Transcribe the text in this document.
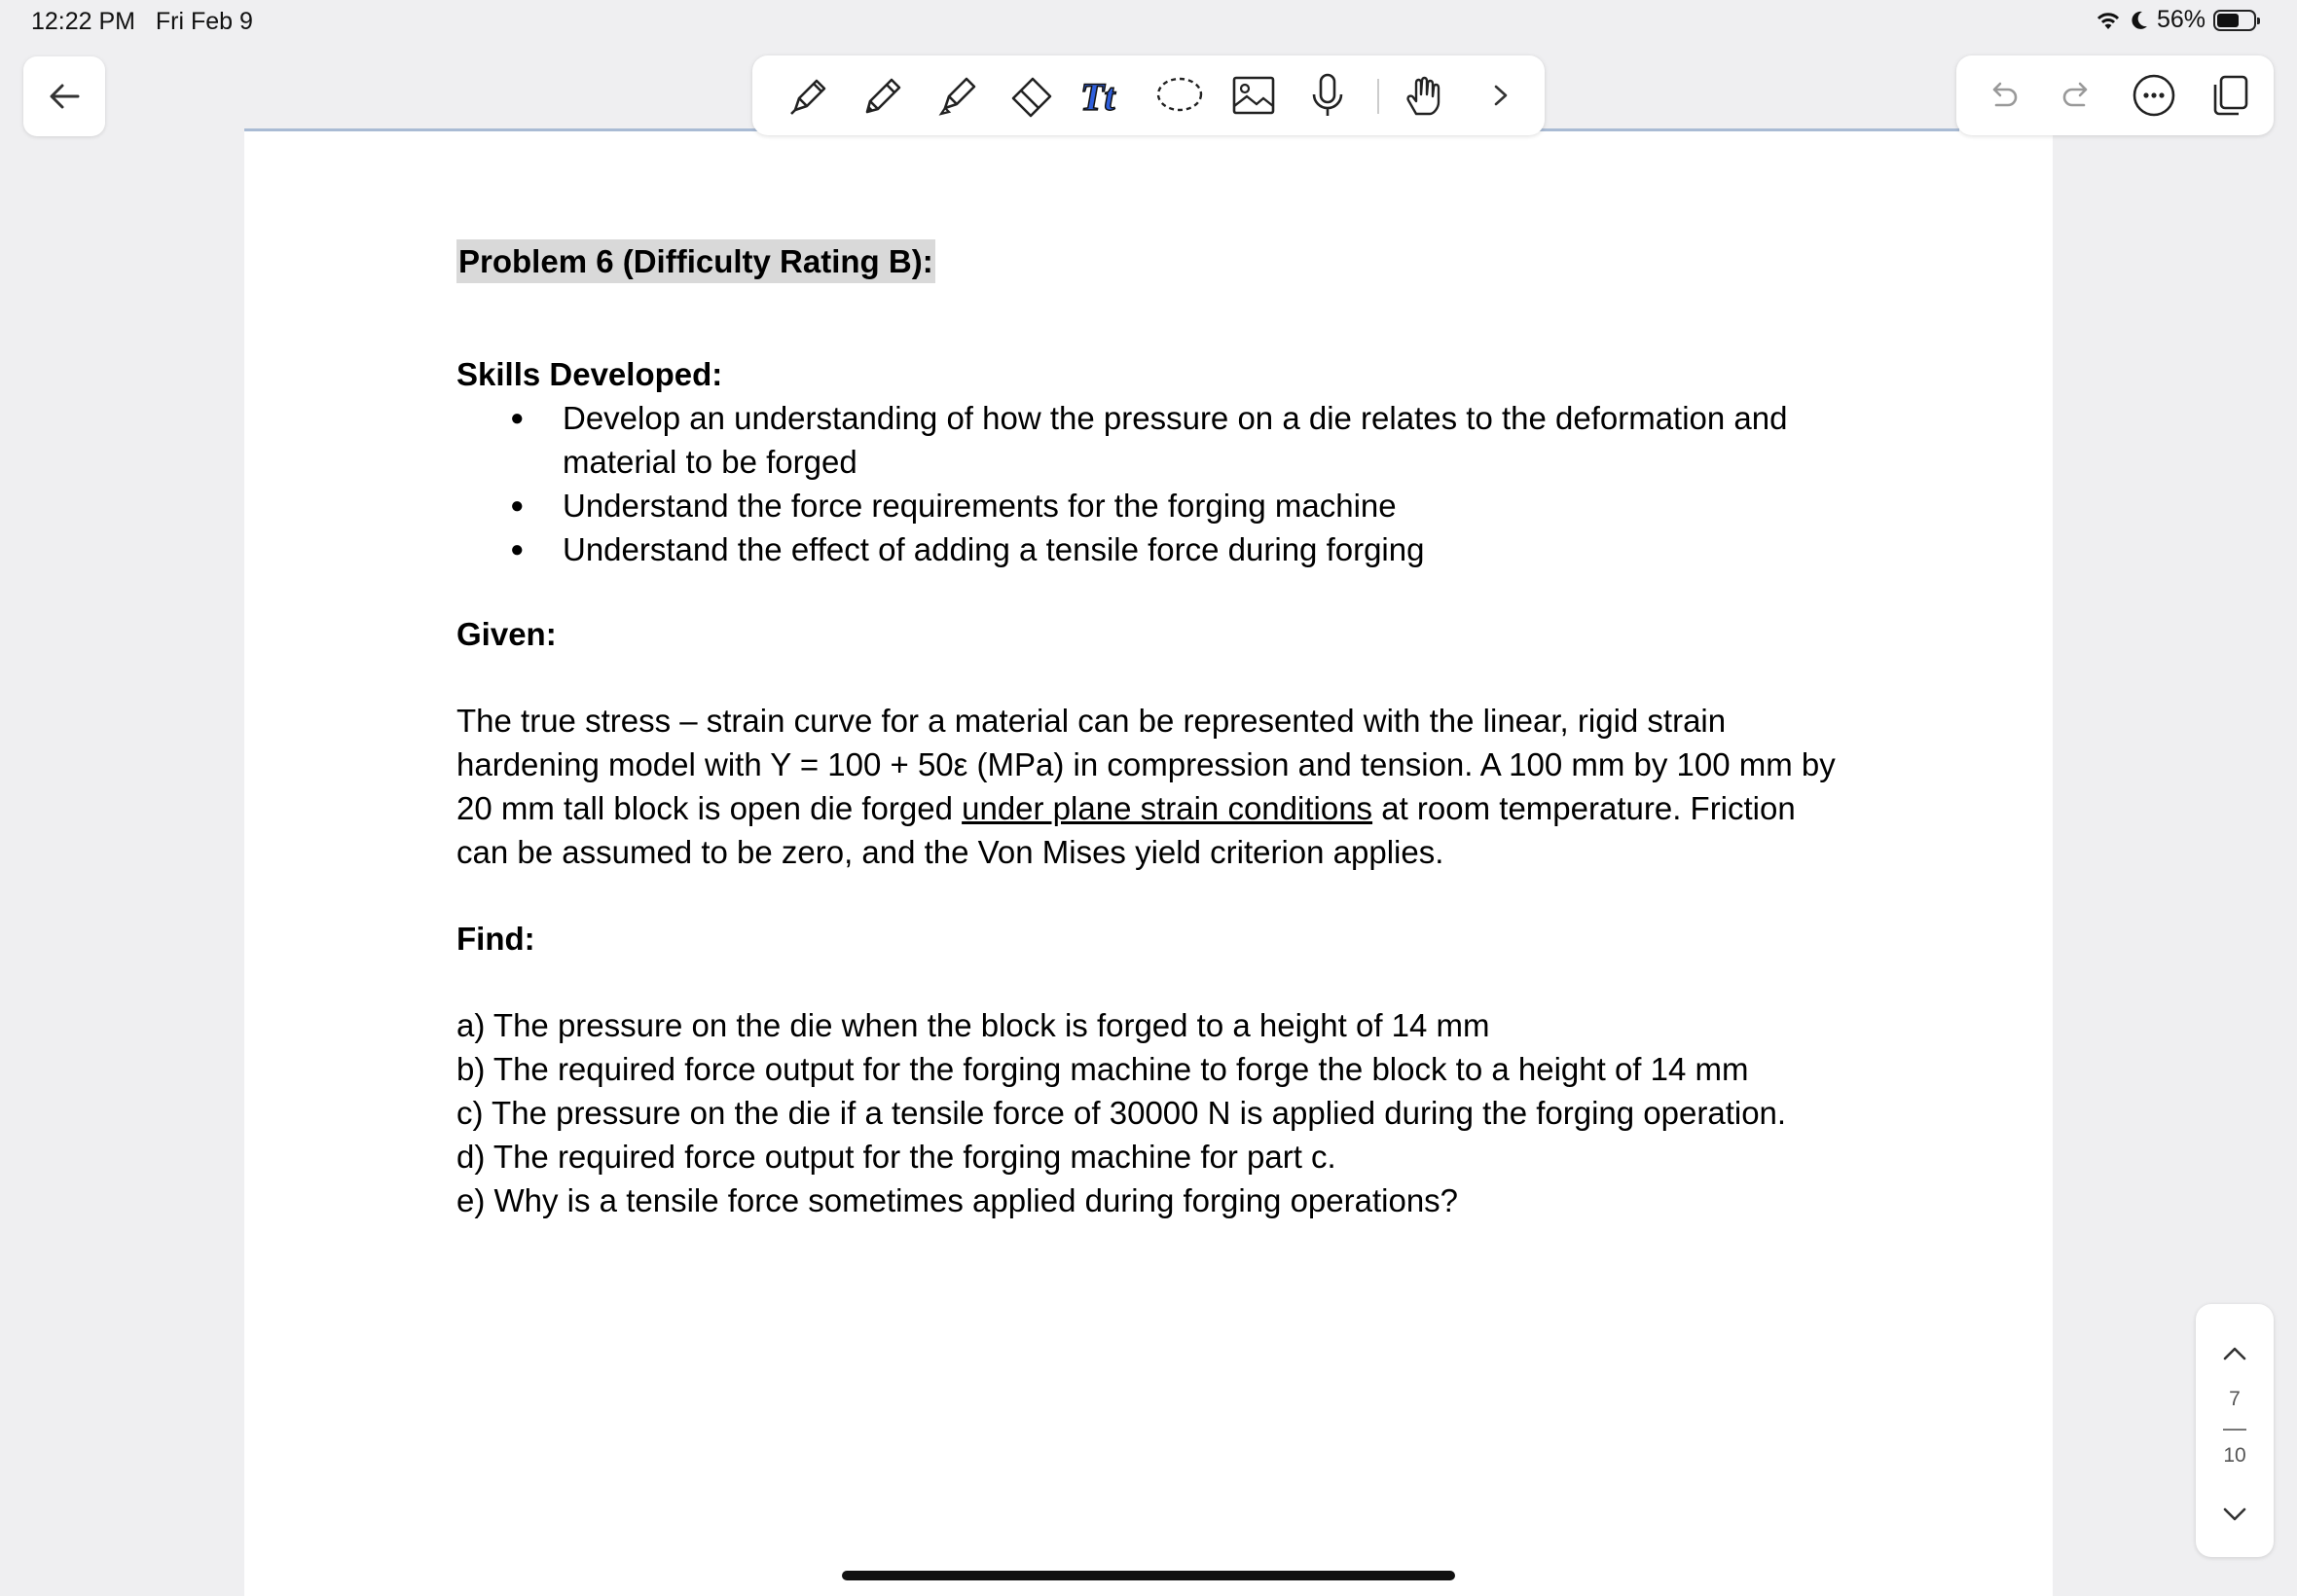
12:22 PM Fri Feb 9	56%
Tt
Problem 6 (Difficulty Rating B):
Skills Developed:
● Develop an understanding of how the pressure on a die relates to the deformation and material to be forged
● Understand the force requirements for the forging machine
● Understand the effect of adding a tensile force during forging
Given:

The true stress – strain curve for a material can be represented with the linear, rigid strain hardening model with Y = 100 + 50ε (MPa) in compression and tension. A 100 mm by 100 mm by 20 mm tall block is open die forged under plane strain conditions at room temperature. Friction can be assumed to be zero, and the Von Mises yield criterion applies.

Find:
a) The pressure on the die when the block is forged to a height of 14 mm
b) The required force output for the forging machine to forge the block to a height of 14 mm
c) The pressure on the die if a tensile force of 30000 N is applied during the forging operation.
d) The required force output for the forging machine for part c.
e) Why is a tensile force sometimes applied during forging operations?
7
10
